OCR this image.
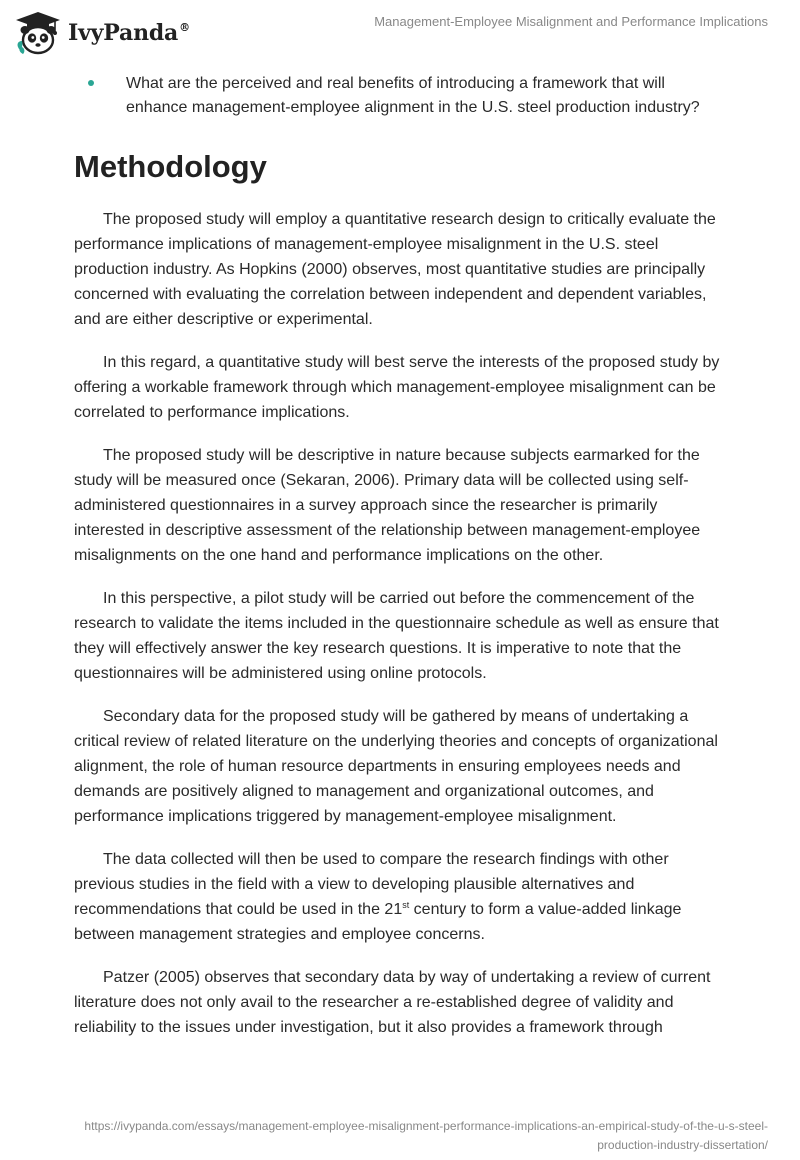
IvyPanda®	Management-Employee Misalignment and Performance Implications
What are the perceived and real benefits of introducing a framework that will enhance management-employee alignment in the U.S. steel production industry?
Methodology

The proposed study will employ a quantitative research design to critically evaluate the performance implications of management-employee misalignment in the U.S. steel production industry. As Hopkins (2000) observes, most quantitative studies are principally concerned with evaluating the correlation between independent and dependent variables, and are either descriptive or experimental.

In this regard, a quantitative study will best serve the interests of the proposed study by offering a workable framework through which management-employee misalignment can be correlated to performance implications.

The proposed study will be descriptive in nature because subjects earmarked for the study will be measured once (Sekaran, 2006). Primary data will be collected using self-administered questionnaires in a survey approach since the researcher is primarily interested in descriptive assessment of the relationship between management-employee misalignments on the one hand and performance implications on the other.

In this perspective, a pilot study will be carried out before the commencement of the research to validate the items included in the questionnaire schedule as well as ensure that they will effectively answer the key research questions. It is imperative to note that the questionnaires will be administered using online protocols.

Secondary data for the proposed study will be gathered by means of undertaking a critical review of related literature on the underlying theories and concepts of organizational alignment, the role of human resource departments in ensuring employees needs and demands are positively aligned to management and organizational outcomes, and performance implications triggered by management-employee misalignment.

The data collected will then be used to compare the research findings with other previous studies in the field with a view to developing plausible alternatives and recommendations that could be used in the 21st century to form a value-added linkage between management strategies and employee concerns.

Patzer (2005) observes that secondary data by way of undertaking a review of current literature does not only avail to the researcher a re-established degree of validity and reliability to the issues under investigation, but it also provides a framework through

https://ivypanda.com/essays/management-employee-misalignment-performance-implications-an-empirical-study-of-the-u-s-steel-production-industry-dissertation/
